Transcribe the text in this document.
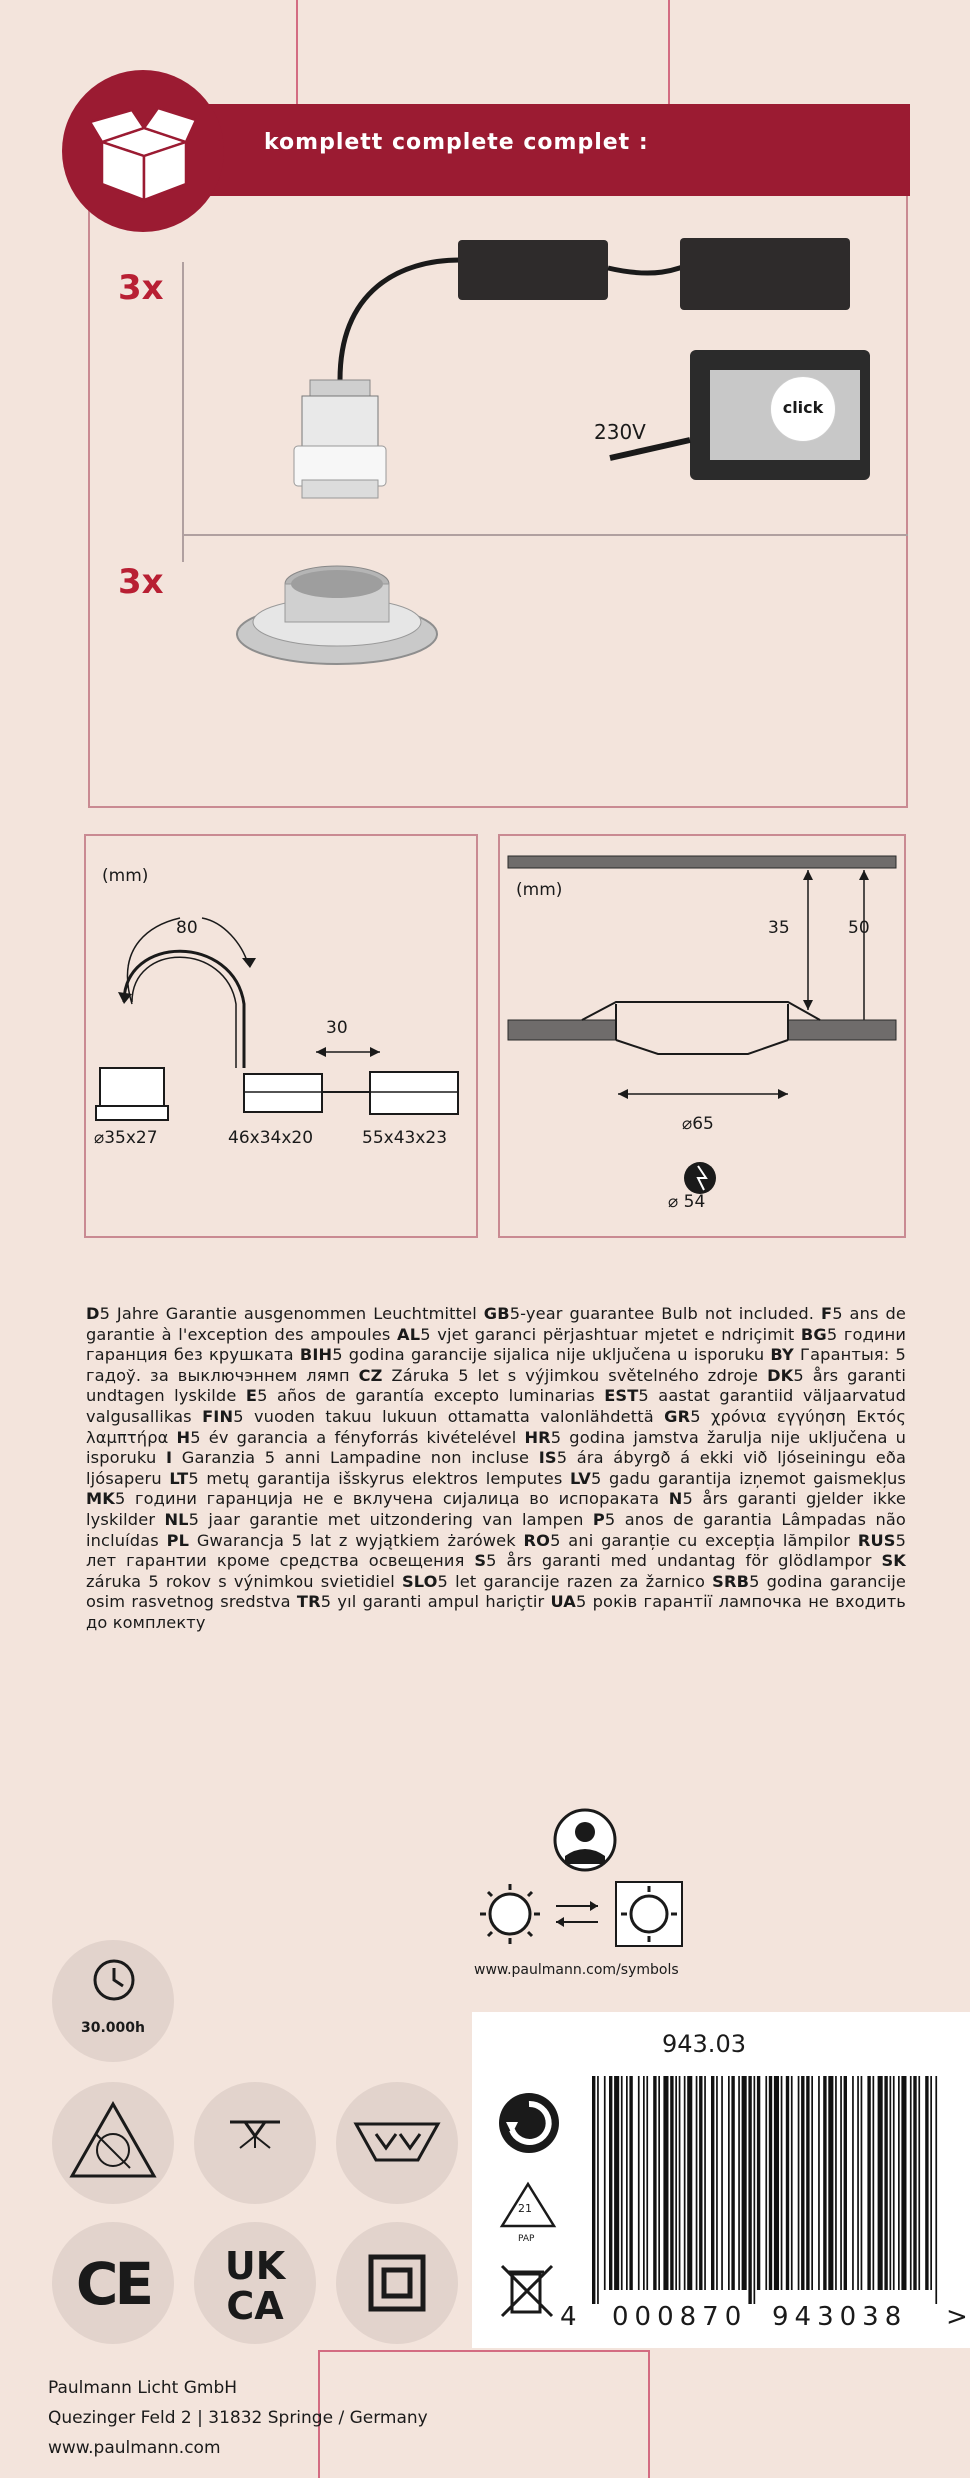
komplett complete complet :
3x
3x
230V
click
(mm)
80
30
⌀35x27	46x34x20	55x43x23
(mm)
35	50
⌀65
⌀ 54
D5 Jahre Garantie ausgenommen Leuchtmittel GB5-year guarantee Bulb not included. F5 ans de garantie à l'exception des ampoules AL5 vjet garanci përjashtuar mjetet e ndriçimit BG5 години гаранция без крушката BIH5 godina garancije sijalica nije uključena u isporuku BY Гарантыя: 5 гадоў. за выключэннем лямп CZ Záruka 5 let s výjimkou světelného zdroje DK5 års garanti undtagen lyskilde E5 años de garantía excepto luminarias EST5 aastat garantiid väljaarvatud valgusallikas FIN5 vuoden takuu lukuun ottamatta valonlähdettä GR5 χρόνια εγγύηση Εκτός λαμπτήρα H5 év garancia a fényforrás kivételével HR5 godina jamstva žarulja nije uključena u isporuku I Garanzia 5 anni Lampadine non incluse IS5 ára ábyrgð á ekki við ljóseiningu eða ljósaperu LT5 metų garantija išskyrus elektros lemputes LV5 gadu garantija izņemot gaismekļus MK5 години гаранција не е вклучена сијалица во испораката N5 års garanti gjelder ikke lyskilder NL5 jaar garantie met uitzondering van lampen P5 anos de garantia Lâmpadas não incluídas PL Gwarancja 5 lat z wyjątkiem żarówek RO5 ani garanție cu excepția lămpilor RUS5 лет гарантии кроме средства освещения S5 års garanti med undantag för glödlampor SK záruka 5 rokov s výnimkou svietidiel SLO5 let garancije razen za žarnico SRB5 godina garancije osim rasvetnog sredstva TR5 yıl garanti ampul hariçtir UA5 років гарантії лампочка не входить до комплекту
www.paulmann.com/symbols
30.000h
CE	UK
CA
943.03
21
PAP
4 000870 943038 >
Paulmann Licht GmbH
Quezinger Feld 2 | 31832 Springe / Germany
www.paulmann.com
